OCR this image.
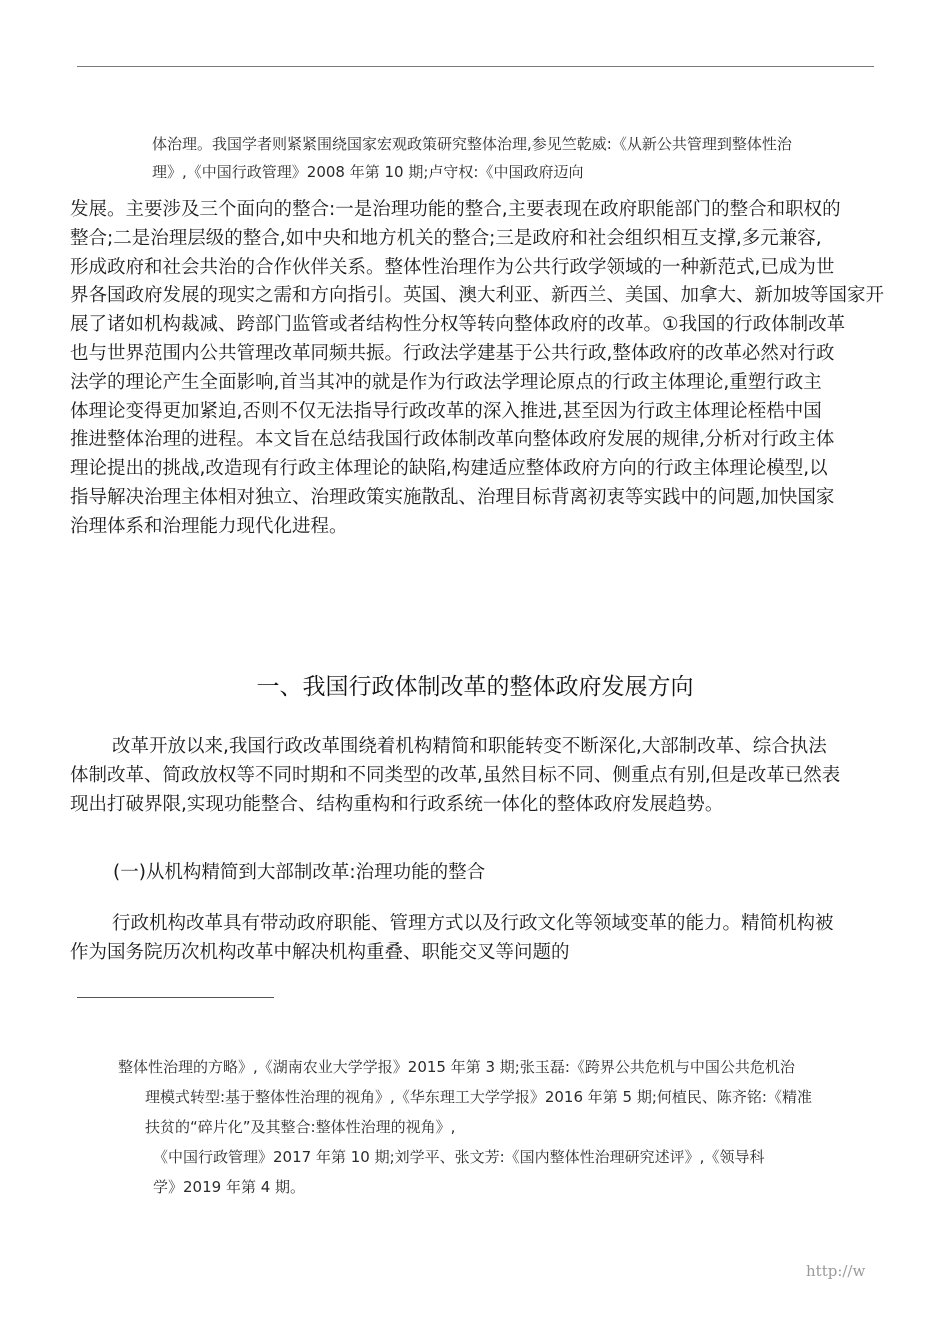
体治理。我国学者则紧紧围绕国家宏观政策研究整体治理,参见竺乾威:《从新公共管理到整体性治
理》,《中国行政管理》2008 年第 10 期;卢守权:《中国政府迈向
发展。主要涉及三个面向的整合:一是治理功能的整合,主要表现在政府职能部门的整合和职权的
整合;二是治理层级的整合,如中央和地方机关的整合;三是政府和社会组织相互支撑,多元兼容,
形成政府和社会共治的合作伙伴关系。整体性治理作为公共行政学领域的一种新范式,已成为世
界各国政府发展的现实之需和方向指引。英国、澳大利亚、新西兰、美国、加拿大、新加坡等国家开
展了诸如机构裁减、跨部门监管或者结构性分权等转向整体政府的改革。①我国的行政体制改革
也与世界范围内公共管理改革同频共振。行政法学建基于公共行政,整体政府的改革必然对行政
法学的理论产生全面影响,首当其冲的就是作为行政法学理论原点的行政主体理论,重塑行政主
体理论变得更加紧迫,否则不仅无法指导行政改革的深入推进,甚至因为行政主体理论桎梏中国
推进整体治理的进程。本文旨在总结我国行政体制改革向整体政府发展的规律,分析对行政主体
理论提出的挑战,改造现有行政主体理论的缺陷,构建适应整体政府方向的行政主体理论模型,以
指导解决治理主体相对独立、治理政策实施散乱、治理目标背离初衷等实践中的问题,加快国家
治理体系和治理能力现代化进程。
一、我国行政体制改革的整体政府发展方向
改革开放以来,我国行政改革围绕着机构精简和职能转变不断深化,大部制改革、综合执法
体制改革、简政放权等不同时期和不同类型的改革,虽然目标不同、侧重点有别,但是改革已然表
现出打破界限,实现功能整合、结构重构和行政系统一体化的整体政府发展趋势。
(一)从机构精简到大部制改革:治理功能的整合
行政机构改革具有带动政府职能、管理方式以及行政文化等领域变革的能力。精简机构被
作为国务院历次机构改革中解决机构重叠、职能交叉等问题的
整体性治理的方略》,《湖南农业大学学报》2015 年第 3 期;张玉磊:《跨界公共危机与中国公共危机治
理模式转型:基于整体性治理的视角》,《华东理工大学学报》2016 年第 5 期;何植民、陈齐铭:《精准
扶贫的“碎片化”及其整合:整体性治理的视角》,
《中国行政管理》2017 年第 10 期;刘学平、张文芳:《国内整体性治理研究述评》,《领导科
学》2019 年第 4 期。
http://w
